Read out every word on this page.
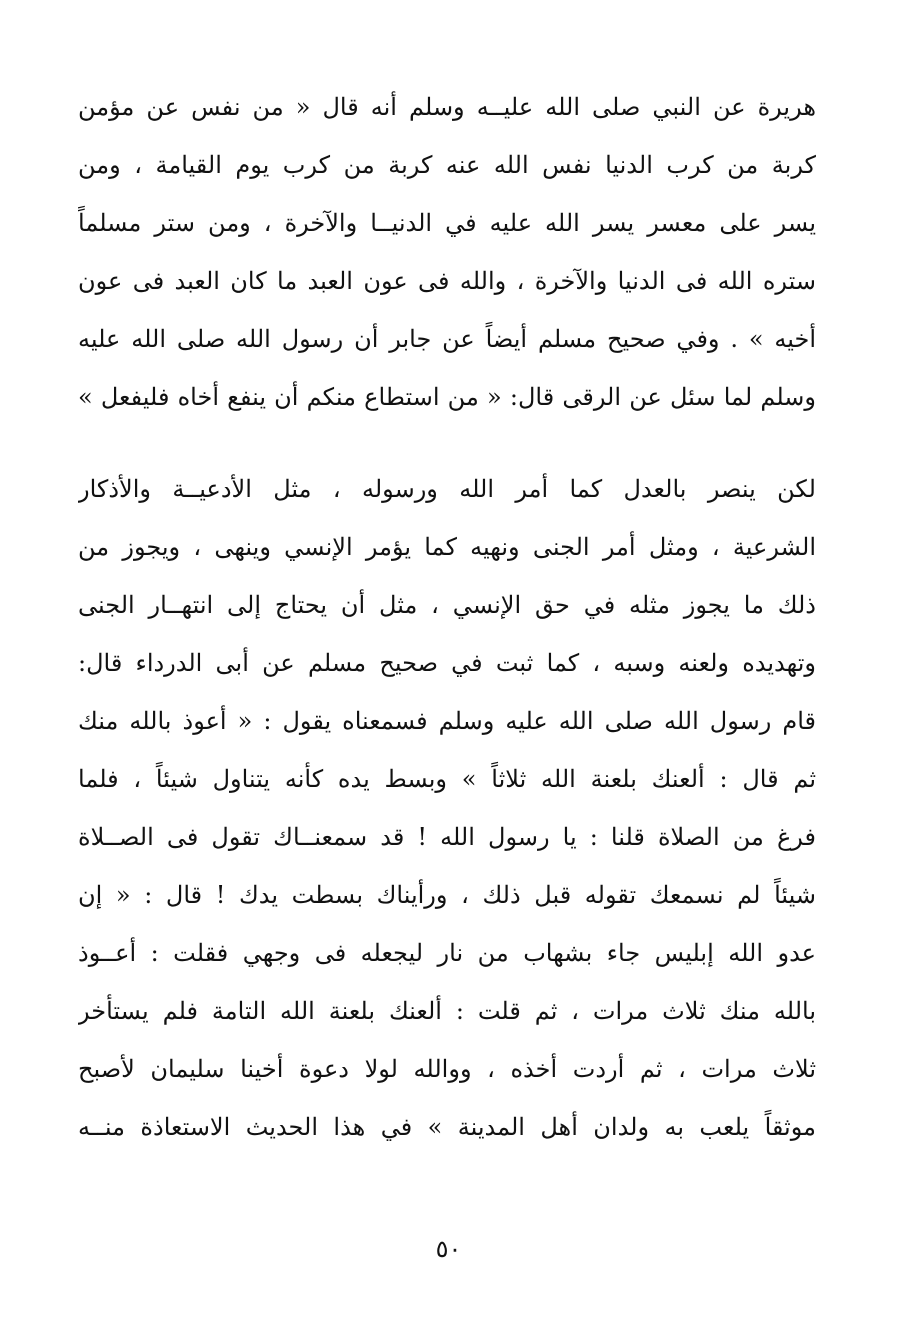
هريرة عن النبي صلى الله عليــه وسلم أنه قال « من نفس عن مؤمن
كربة من كرب الدنيا نفس الله عنه كربة من كرب يوم القيامة ، ومن
يسر على معسر يسر الله عليه في الدنيــا والآخرة ، ومن ستر مسلماً
ستره الله فى الدنيا والآخرة ، والله فى عون العبد ما كان العبد فى عون
أخيه » . وفي صحيح مسلم أيضاً عن جابر أن رسول الله صلى الله عليه
وسلم لما سئل عن الرقى قال: « من استطاع منكم أن ينفع أخاه فليفعل »
لكن ينصر بالعدل كما أمر الله ورسوله ، مثل الأدعيــة والأذكار
الشرعية ، ومثل أمر الجنى ونهيه كما يؤمر الإنسي وينهى ، ويجوز من
ذلك ما يجوز مثله في حق الإنسي ، مثل أن يحتاج إلى انتهــار الجنى
وتهديده ولعنه وسبه ، كما ثبت في صحيح مسلم عن أبى الدرداء قال:
قام رسول الله صلى الله عليه وسلم فسمعناه يقول : « أعوذ بالله منك
ثم قال : ألعنك بلعنة الله ثلاثاً » وبسط يده كأنه يتناول شيئاً ، فلما
فرغ من الصلاة قلنا : يا رسول الله ! قد سمعنــاك تقول فى الصــلاة
شيئاً لم نسمعك تقوله قبل ذلك ، ورأيناك بسطت يدك ! قال : « إن
عدو الله إبليس جاء بشهاب من نار ليجعله فى وجهي فقلت : أعــوذ
بالله منك ثلاث مرات ، ثم قلت : ألعنك بلعنة الله التامة فلم يستأخر
ثلاث مرات ، ثم أردت أخذه ، ووالله لولا دعوة أخينا سليمان لأصبح
موثقاً يلعب به ولدان أهل المدينة » في هذا الحديث الاستعاذة منــه
٥٠
